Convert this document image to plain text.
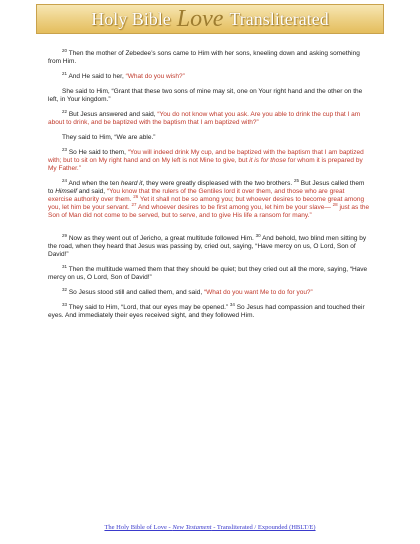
Holy Bible Love Transliterated

$^{20}$ Then the mother of Zebedee’s sons came to Him with her sons, kneeling down and asking something from Him.

$^{21}$ And He said to her, “What do you wish?”

She said to Him, “Grant that these two sons of mine may sit, one on Your right hand and the other on the left, in Your kingdom.”

$^{22}$ But Jesus answered and said, “You do not know what you ask. Are you able to drink the cup that I am about to drink, and be baptized with the baptism that I am baptized with?”

They said to Him, “We are able.”

$^{23}$ So He said to them, “You will indeed drink My cup, and be baptized with the baptism that I am baptized with; but to sit on My right hand and on My left is not Mine to give, but it is for those for whom it is prepared by My Father.”

$^{24}$ And when the ten heard it, they were greatly displeased with the two brothers. $^{25}$ But Jesus called them to Himself and said, “You know that the rulers of the Gentiles lord it over them, and those who are great exercise authority over them. $^{26}$ Yet it shall not be so among you; but whoever desires to become great among you, let him be your servant. $^{27}$ And whoever desires to be first among you, let him be your slave— $^{28}$ just as the Son of Man did not come to be served, but to serve, and to give His life a ransom for many.”

$^{29}$ Now as they went out of Jericho, a great multitude followed Him. $^{30}$ And behold, two blind men sitting by the road, when they heard that Jesus was passing by, cried out, saying, “Have mercy on us, O Lord, Son of David!”

$^{31}$ Then the multitude warned them that they should be quiet; but they cried out all the more, saying, “Have mercy on us, O Lord, Son of David!”

$^{32}$ So Jesus stood still and called them, and said, “What do you want Me to do for you?”

$^{33}$ They said to Him, “Lord, that our eyes may be opened.” $^{34}$ So Jesus had compassion and touched their eyes. And immediately their eyes received sight, and they followed Him.

The Holy Bible of Love - New Testament - Transliterated / Expounded (HBLT/E)
